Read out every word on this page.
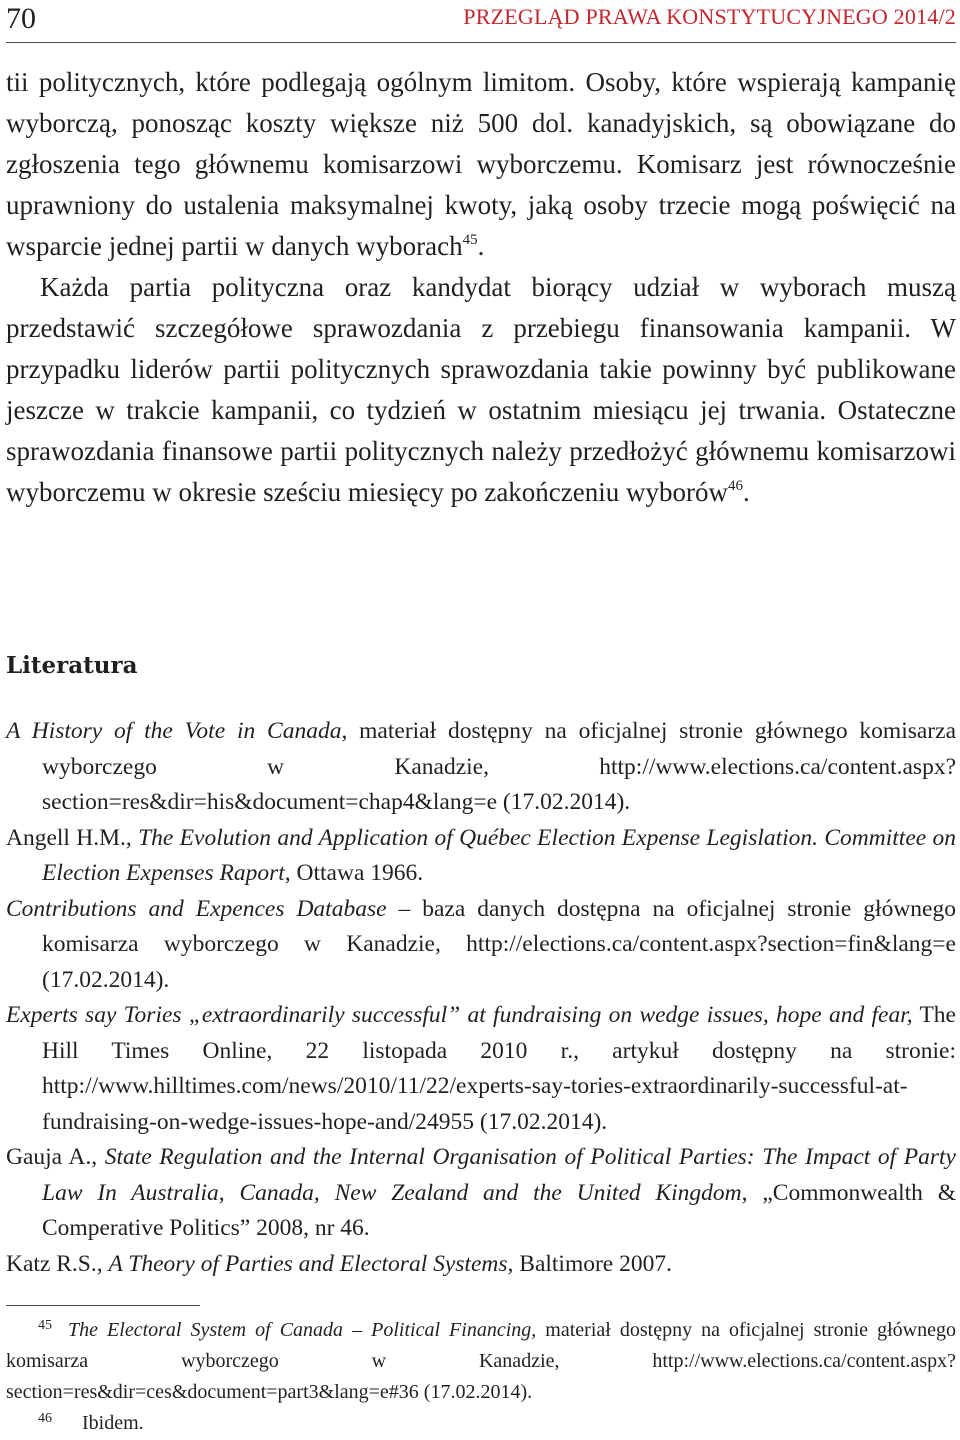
70	PRZEGLĄD PRAWA KONSTYTUCYJNEGO 2014/2

tii politycznych, które podlegają ogólnym limitom. Osoby, które wspierają kampanię wyborczą, ponosząc koszty większe niż 500 dol. kanadyjskich, są obowiązane do zgłoszenia tego głównemu komisarzowi wyborczemu. Komisarz jest równocześnie uprawniony do ustalenia maksymalnej kwoty, jaką osoby trzecie mogą poświęcić na wsparcie jednej partii w danych wyborach$^{45}$.

Każda partia polityczna oraz kandydat biorący udział w wyborach muszą przedstawić szczegółowe sprawozdania z przebiegu finansowania kampanii. W przypadku liderów partii politycznych sprawozdania takie powinny być publikowane jeszcze w trakcie kampanii, co tydzień w ostatnim miesiącu jej trwania. Ostateczne sprawozdania finansowe partii politycznych należy przedłożyć głównemu komisarzowi wyborczemu w okresie sześciu miesięcy po zakończeniu wyborów$^{46}$.

Literatura

A History of the Vote in Canada, materiał dostępny na oficjalnej stronie głównego komisarza wyborczego w Kanadzie, http://www.elections.ca/content.aspx?section=res&dir=his&document=chap4&lang=e (17.02.2014).

Angell H.M., The Evolution and Application of Québec Election Expense Legislation. Committee on Election Expenses Raport, Ottawa 1966.

Contributions and Expences Database – baza danych dostępna na oficjalnej stronie głównego komisarza wyborczego w Kanadzie, http://elections.ca/content.aspx?section=fin&lang=e (17.02.2014).

Experts say Tories „extraordinarily successful” at fundraising on wedge issues, hope and fear, The Hill Times Online, 22 listopada 2010 r., artykuł dostępny na stronie: http://www.hilltimes.com/news/2010/11/22/experts-say-tories-extraordinarily-successful-at-fundraising-on-wedge-issues-hope-and/24955 (17.02.2014).

Gauja A., State Regulation and the Internal Organisation of Political Parties: The Impact of Party Law In Australia, Canada, New Zealand and the United Kingdom, „Commonwealth & Comperative Politics” 2008, nr 46.

Katz R.S., A Theory of Parties and Electoral Systems, Baltimore 2007.

45 The Electoral System of Canada – Political Financing, materiał dostępny na oficjalnej stronie głównego komisarza wyborczego w Kanadzie, http://www.elections.ca/content.aspx?section=res&dir=ces&document=part3&lang=e#36 (17.02.2014).

46 Ibidem.
